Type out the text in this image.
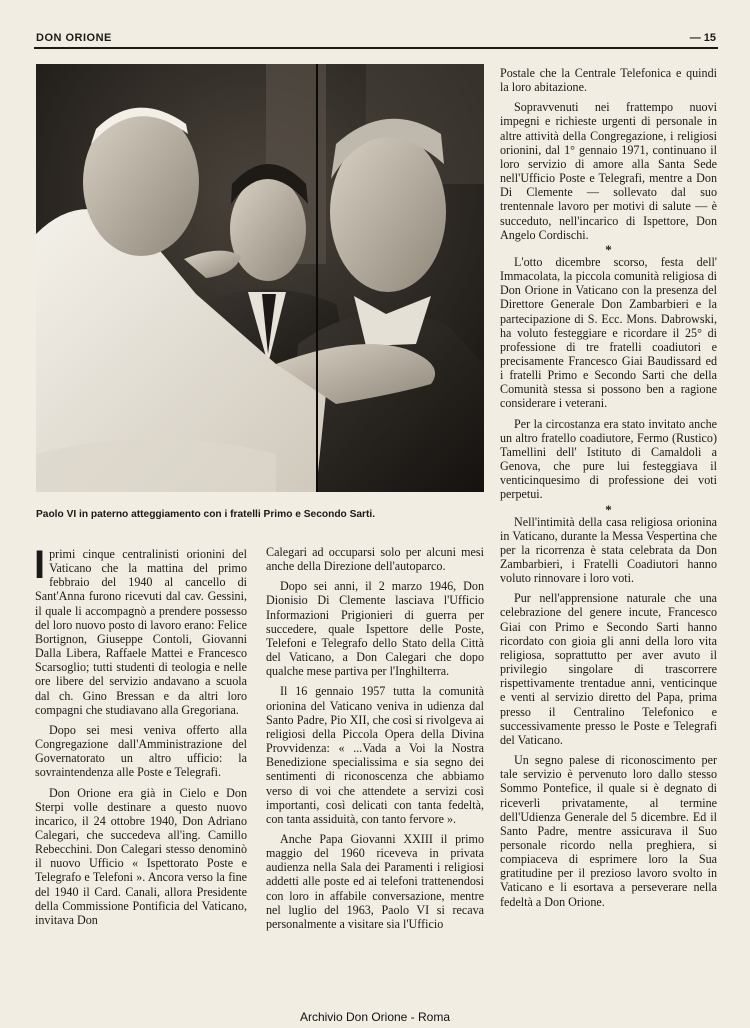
DON ORIONE	— 15
Paolo VI in paterno atteggiamento con i fratelli Primo e Secondo Sarti.

Iprimi cinque centralinisti orionini del Vaticano che la mattina del primo febbraio del 1940 al cancello di Sant'Anna furono ricevuti dal cav. Gessini, il quale li accompagnò a prendere possesso del loro nuovo posto di lavoro erano: Felice Bortignon, Giuseppe Contoli, Giovanni Dalla Libera, Raffaele Mattei e Francesco Scarsoglio; tutti studenti di teologia e nelle ore libere del servizio andavano a scuola dal ch. Gino Bressan e da altri loro compagni che studiavano alla Gregoriana.

Dopo sei mesi veniva offerto alla Congregazione dall'Amministrazione del Governatorato un altro ufficio: la sovraintendenza alle Poste e Telegrafi.

Don Orione era già in Cielo e Don Sterpi volle destinare a questo nuovo incarico, il 24 ottobre 1940, Don Adriano Calegari, che succedeva all'ing. Camillo Rebecchini. Don Calegari stesso denominò il nuovo Ufficio « Ispettorato Poste e Telegrafo e Telefoni ». Ancora verso la fine del 1940 il Card. Canali, allora Presidente della Commissione Pontificia del Vaticano, invitava Don

Calegari ad occuparsi solo per alcuni mesi anche della Direzione dell'autoparco.

Dopo sei anni, il 2 marzo 1946, Don Dionisio Di Clemente lasciava l'Ufficio Informazioni Prigionieri di guerra per succedere, quale Ispettore delle Poste, Telefoni e Telegrafo dello Stato della Città del Vaticano, a Don Calegari che dopo qualche mese partiva per l'Inghilterra.

Il 16 gennaio 1957 tutta la comunità orionina del Vaticano veniva in udienza dal Santo Padre, Pio XII, che così si rivolgeva ai religiosi della Piccola Opera della Divina Provvidenza: « ...Vada a Voi la Nostra Benedizione specialissima e sia segno dei sentimenti di riconoscenza che abbiamo verso di voi che attendete a servizi così importanti, così delicati con tanta fedeltà, con tanta assiduità, con tanto fervore ».

Anche Papa Giovanni XXIII il primo maggio del 1960 riceveva in privata audienza nella Sala dei Paramenti i religiosi addetti alle poste ed ai telefoni trattenendosi con loro in affabile conversazione, mentre nel luglio del 1963, Paolo VI si recava personalmente a visitare sia l'Ufficio

Postale che la Centrale Telefonica e quindi la loro abitazione.

Sopravvenuti nei frattempo nuovi impegni e richieste urgenti di personale in altre attività della Congregazione, i religiosi orionini, dal 1° gennaio 1971, continuano il loro servizio di amore alla Santa Sede nell'Ufficio Poste e Telegrafi, mentre a Don Di Clemente — sollevato dal suo trentennale lavoro per motivi di salute — è succeduto, nell'incarico di Ispettore, Don Angelo Cordischi.

*

L'otto dicembre scorso, festa dell' Immacolata, la piccola comunità religiosa di Don Orione in Vaticano con la presenza del Direttore Generale Don Zambarbieri e la partecipazione di S. Ecc. Mons. Dabrowski, ha voluto festeggiare e ricordare il 25° di professione di tre fratelli coadiutori e precisamente Francesco Giai Baudissard ed i fratelli Primo e Secondo Sarti che della Comunità stessa si possono ben a ragione considerare i veterani.

Per la circostanza era stato invitato anche un altro fratello coadiutore, Fermo (Rustico) Tamellini dell' Istituto di Camaldoli a Genova, che pure lui festeggiava il venticinquesimo di professione dei voti perpetui.

*

Nell'intimità della casa religiosa orionina in Vaticano, durante la Messa Vespertina che per la ricorrenza è stata celebrata da Don Zambarbieri, i Fratelli Coadiutori hanno voluto rinnovare i loro voti.

Pur nell'apprensione naturale che una celebrazione del genere incute, Francesco Giai con Primo e Secondo Sarti hanno ricordato con gioia gli anni della loro vita religiosa, soprattutto per aver avuto il privilegio singolare di trascorrere rispettivamente trentadue anni, venticinque e venti al servizio diretto del Papa, prima presso il Centralino Telefonico e successivamente presso le Poste e Telegrafi del Vaticano.

Un segno palese di riconoscimento per tale servizio è pervenuto loro dallo stesso Sommo Pontefice, il quale si è degnato di riceverli privatamente, al termine dell'Udienza Generale del 5 dicembre. Ed il Santo Padre, mentre assicurava il Suo personale ricordo nella preghiera, si compiaceva di esprimere loro la Sua gratitudine per il prezioso lavoro svolto in Vaticano e li esortava a perseverare nella fedeltà a Don Orione.

Archivio Don Orione - Roma
